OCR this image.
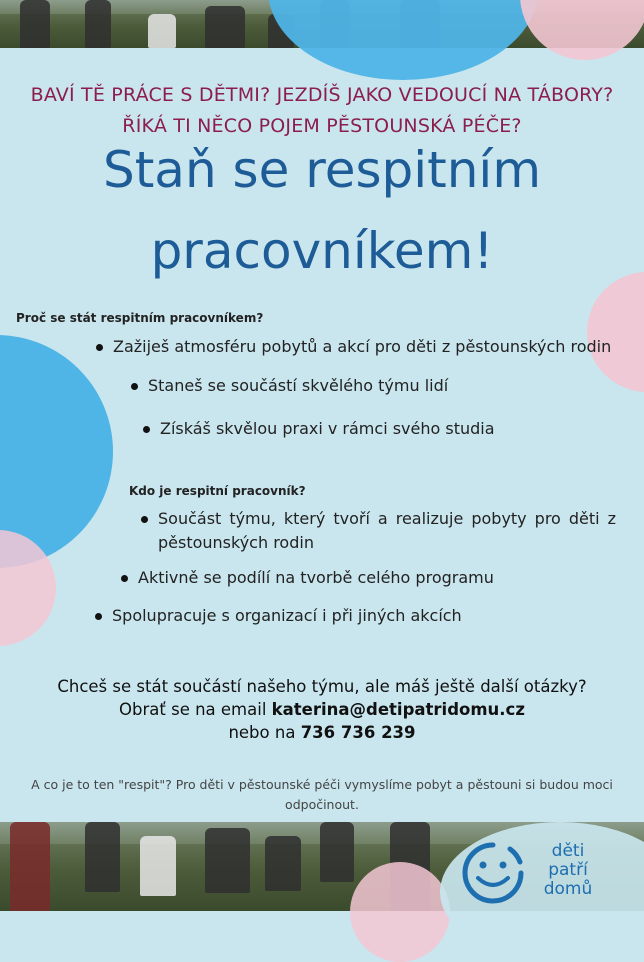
BAVÍ TĚ PRÁCE S DĚTMI? JEZDÍŠ JAKO VEDOUCÍ NA TÁBORY?
ŘÍKÁ TI NĚCO POJEM PĚSTOUNSKÁ PÉČE?
Staň se respitním
pracovníkem!
Proč se stát respitním pracovníkem?
Zažiješ atmosféru pobytů a akcí pro děti z pěstounských rodin
Staneš se součástí skvělého týmu lidí
Získáš skvělou praxi v rámci svého studia
Kdo je respitní pracovník?
Součást týmu, který tvoří a realizuje pobyty pro děti z pěstounských rodin
Aktivně se podílí na tvorbě celého programu
Spolupracuje s organizací i při jiných akcích
Chceš se stát součástí našeho týmu, ale máš ještě další otázky?
Obrať se na email katerina@detipatridomu.cz
nebo na 736 736 239
A co je to ten "respit"? Pro děti v pěstounské péči vymyslíme pobyt a pěstouni si budou moci odpočinout.
děti
patří
domů
